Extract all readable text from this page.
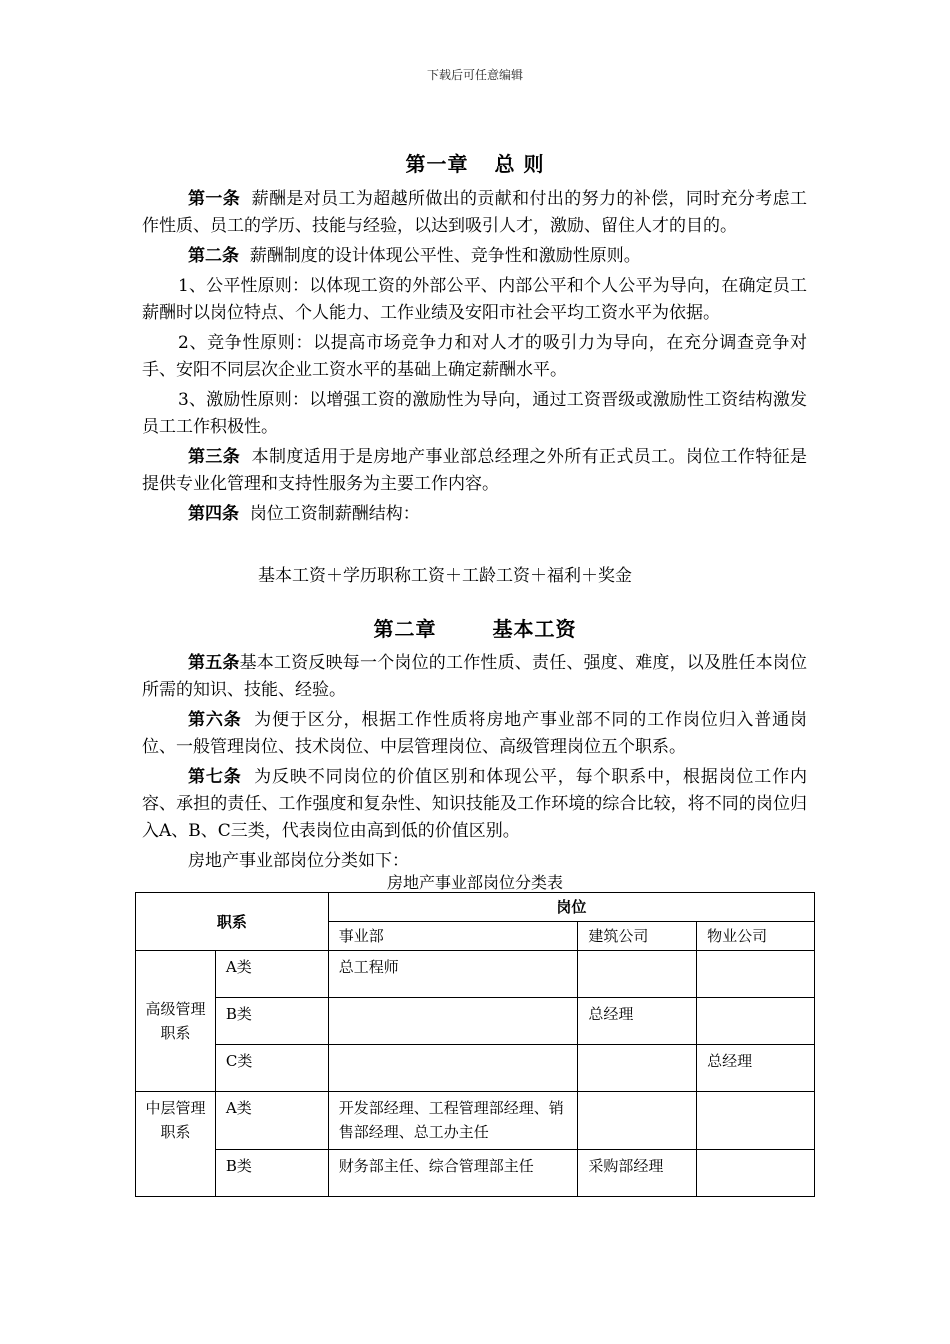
下载后可任意编辑
第一章 总 则

第一条 薪酬是对员工为超越所做出的贡献和付出的努力的补偿，同时充分考虑工作性质、员工的学历、技能与经验，以达到吸引人才，激励、留住人才的目的。

第二条 薪酬制度的设计体现公平性、竞争性和激励性原则。

1、公平性原则：以体现工资的外部公平、内部公平和个人公平为导向，在确定员工薪酬时以岗位特点、个人能力、工作业绩及安阳市社会平均工资水平为依据。

2、竞争性原则：以提高市场竞争力和对人才的吸引力为导向，在充分调查竞争对手、安阳不同层次企业工资水平的基础上确定薪酬水平。

3、激励性原则：以增强工资的激励性为导向，通过工资晋级或激励性工资结构激发员工工作积极性。

第三条 本制度适用于是房地产事业部总经理之外所有正式员工。岗位工作特征是提供专业化管理和支持性服务为主要工作内容。

第四条 岗位工资制薪酬结构：

基本工资＋学历职称工资＋工龄工资＋福利＋奖金
第二章	基本工资

第五条基本工资反映每一个岗位的工作性质、责任、强度、难度，以及胜任本岗位所需的知识、技能、经验。

第六条 为便于区分，根据工作性质将房地产事业部不同的工作岗位归入普通岗位、一般管理岗位、技术岗位、中层管理岗位、高级管理岗位五个职系。

第七条 为反映不同岗位的价值区别和体现公平，每个职系中，根据岗位工作内容、承担的责任、工作强度和复杂性、知识技能及工作环境的综合比较，将不同的岗位归入A、B、C三类，代表岗位由高到低的价值区别。

房地产事业部岗位分类如下：

房地产事业部岗位分类表
职系		岗位		
		事业部	建筑公司	物业公司
高级管理职系	A类	总工程师		
	B类		总经理	
	C类			总经理
中层管理职系	A类	开发部经理、工程管理部经理、销售部经理、总工办主任		
	B类	财务部主任、综合管理部主任	采购部经理	
